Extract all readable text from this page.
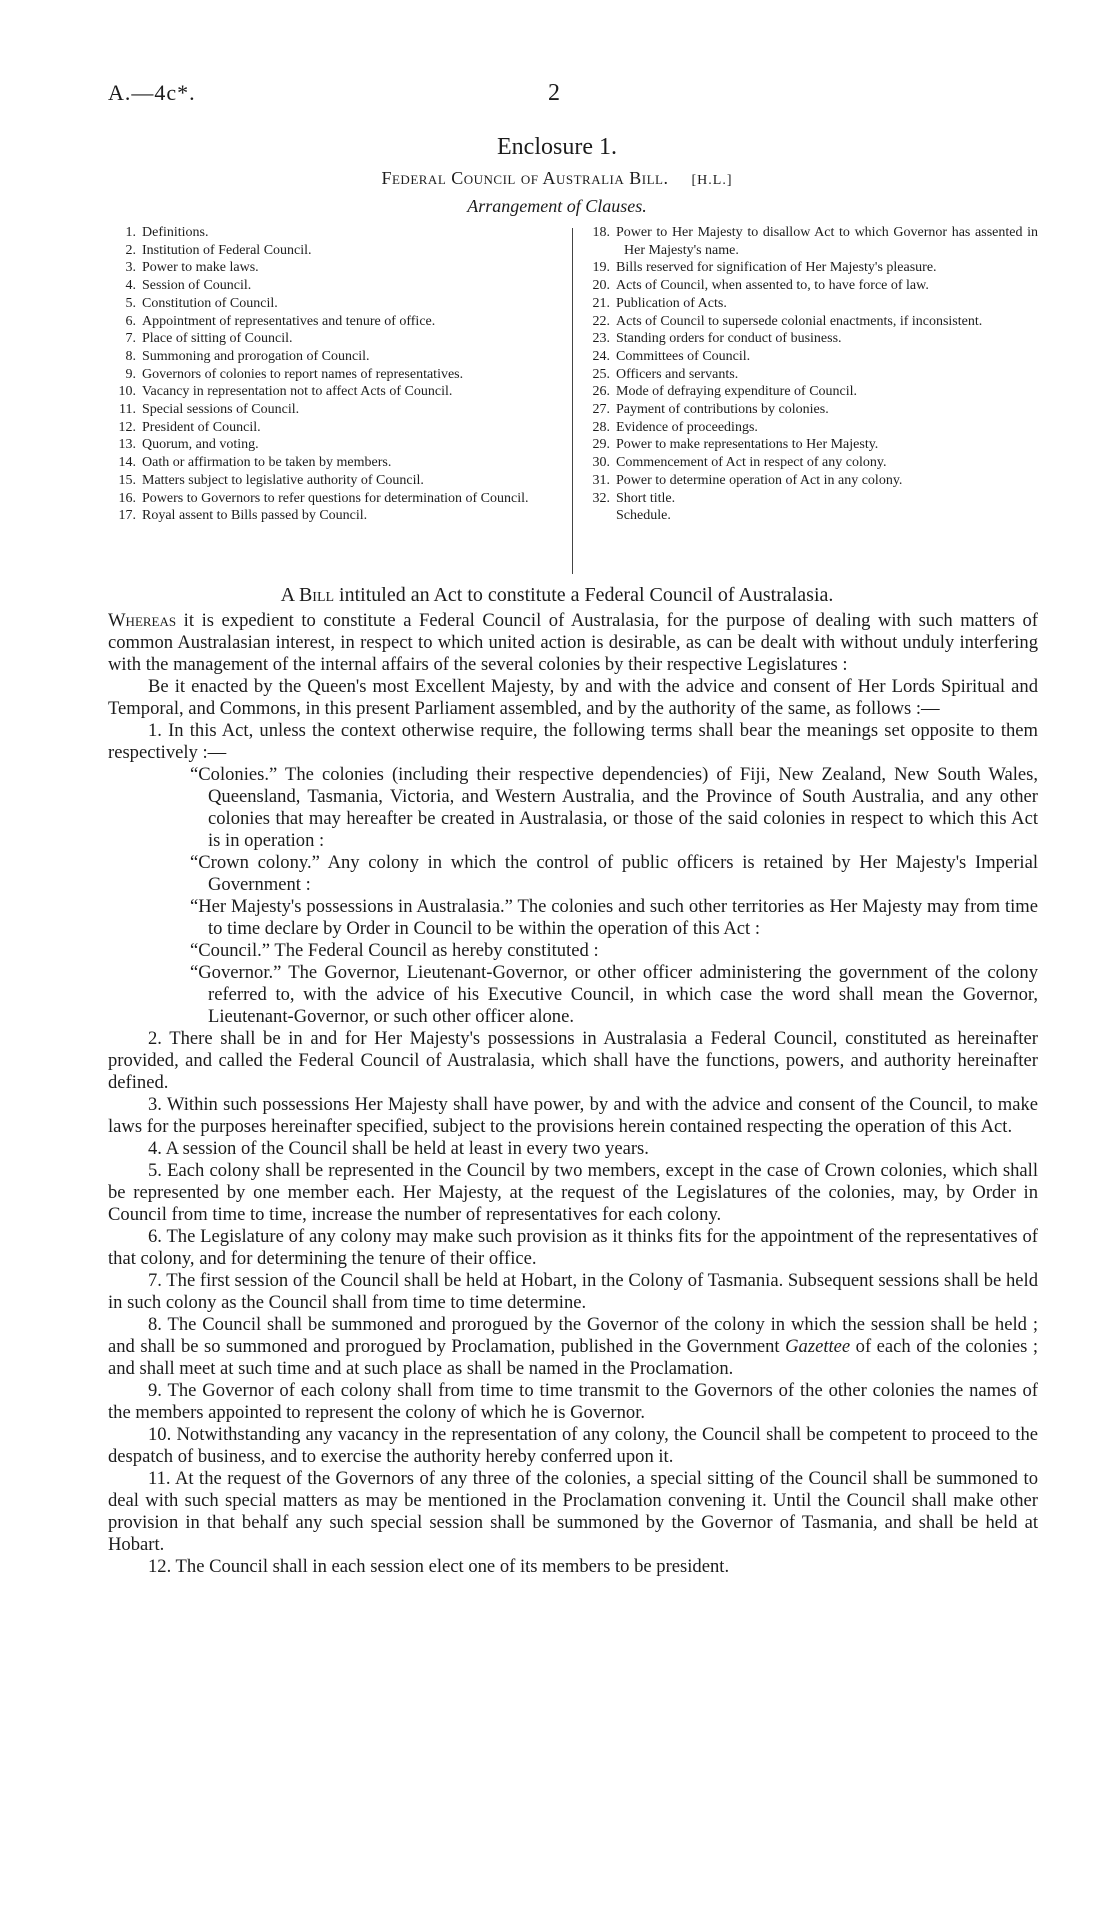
A.—4c*.	2
Enclosure 1.
Federal Council of Australia Bill. [H.L.]
Arrangement of Clauses.
1. Definitions.
2. Institution of Federal Council.
3. Power to make laws.
4. Session of Council.
5. Constitution of Council.
6. Appointment of representatives and tenure of office.
7. Place of sitting of Council.
8. Summoning and prorogation of Council.
9. Governors of colonies to report names of representatives.
10. Vacancy in representation not to affect Acts of Council.
11. Special sessions of Council.
12. President of Council.
13. Quorum, and voting.
14. Oath or affirmation to be taken by members.
15. Matters subject to legislative authority of Council.
16. Powers to Governors to refer questions for determination of Council.
17. Royal assent to Bills passed by Council.
18. Power to Her Majesty to disallow Act to which Governor has assented in Her Majesty's name.
19. Bills reserved for signification of Her Majesty's pleasure.
20. Acts of Council, when assented to, to have force of law.
21. Publication of Acts.
22. Acts of Council to supersede colonial enactments, if inconsistent.
23. Standing orders for conduct of business.
24. Committees of Council.
25. Officers and servants.
26. Mode of defraying expenditure of Council.
27. Payment of contributions by colonies.
28. Evidence of proceedings.
29. Power to make representations to Her Majesty.
30. Commencement of Act in respect of any colony.
31. Power to determine operation of Act in any colony.
32. Short title.
Schedule.
A Bill intituled an Act to constitute a Federal Council of Australasia.

Whereas it is expedient to constitute a Federal Council of Australasia, for the purpose of dealing with such matters of common Australasian interest, in respect to which united action is desirable, as can be dealt with without unduly interfering with the management of the internal affairs of the several colonies by their respective Legislatures :

Be it enacted by the Queen's most Excellent Majesty, by and with the advice and consent of Her Lords Spiritual and Temporal, and Commons, in this present Parliament assembled, and by the authority of the same, as follows :—

1. In this Act, unless the context otherwise require, the following terms shall bear the meanings set opposite to them respectively :—

“Colonies.” The colonies (including their respective dependencies) of Fiji, New Zealand, New South Wales, Queensland, Tasmania, Victoria, and Western Australia, and the Province of South Australia, and any other colonies that may hereafter be created in Australasia, or those of the said colonies in respect to which this Act is in operation :

“Crown colony.” Any colony in which the control of public officers is retained by Her Majesty's Imperial Government :

“Her Majesty's possessions in Australasia.” The colonies and such other territories as Her Majesty may from time to time declare by Order in Council to be within the operation of this Act :

“Council.” The Federal Council as hereby constituted :

“Governor.” The Governor, Lieutenant-Governor, or other officer administering the government of the colony referred to, with the advice of his Executive Council, in which case the word shall mean the Governor, Lieutenant-Governor, or such other officer alone.

2. There shall be in and for Her Majesty's possessions in Australasia a Federal Council, constituted as hereinafter provided, and called the Federal Council of Australasia, which shall have the functions, powers, and authority hereinafter defined.

3. Within such possessions Her Majesty shall have power, by and with the advice and consent of the Council, to make laws for the purposes hereinafter specified, subject to the provisions herein contained respecting the operation of this Act.

4. A session of the Council shall be held at least in every two years.

5. Each colony shall be represented in the Council by two members, except in the case of Crown colonies, which shall be represented by one member each. Her Majesty, at the request of the Legislatures of the colonies, may, by Order in Council from time to time, increase the number of representatives for each colony.

6. The Legislature of any colony may make such provision as it thinks fits for the appointment of the representatives of that colony, and for determining the tenure of their office.

7. The first session of the Council shall be held at Hobart, in the Colony of Tasmania. Subsequent sessions shall be held in such colony as the Council shall from time to time determine.

8. The Council shall be summoned and prorogued by the Governor of the colony in which the session shall be held ; and shall be so summoned and prorogued by Proclamation, published in the Government Gazettee of each of the colonies ; and shall meet at such time and at such place as shall be named in the Proclamation.

9. The Governor of each colony shall from time to time transmit to the Governors of the other colonies the names of the members appointed to represent the colony of which he is Governor.

10. Notwithstanding any vacancy in the representation of any colony, the Council shall be competent to proceed to the despatch of business, and to exercise the authority hereby conferred upon it.

11. At the request of the Governors of any three of the colonies, a special sitting of the Council shall be summoned to deal with such special matters as may be mentioned in the Proclamation convening it. Until the Council shall make other provision in that behalf any such special session shall be summoned by the Governor of Tasmania, and shall be held at Hobart.

12. The Council shall in each session elect one of its members to be president.
